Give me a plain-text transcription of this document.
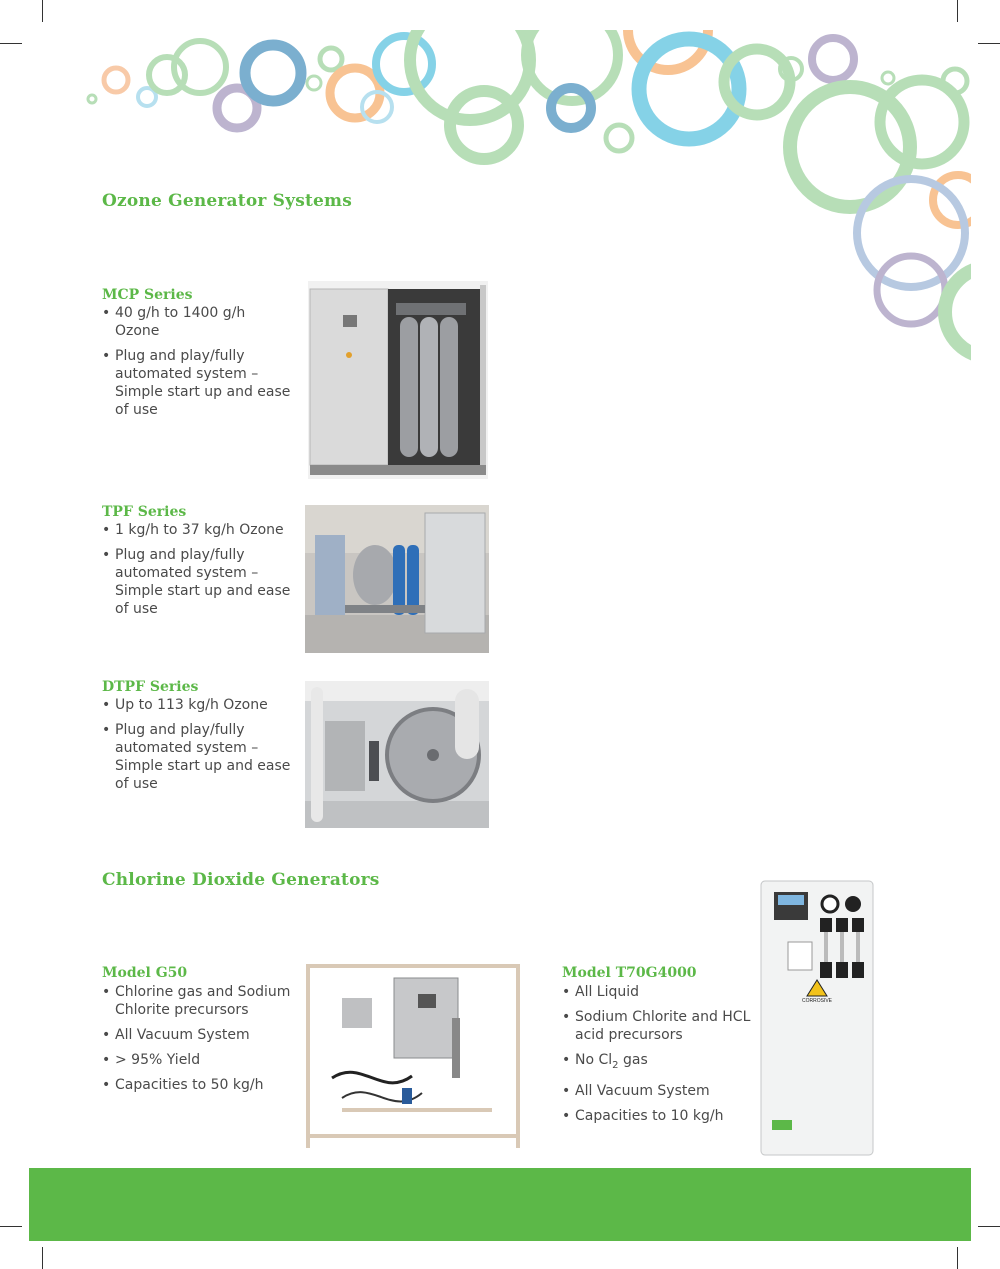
Ozone Generator Systems
MCP Series
• 40 g/h to 1400 g/h Ozone
• Plug and play/fully automated system – Simple start up and ease of use
TPF Series
• 1 kg/h to 37 kg/h Ozone
• Plug and play/fully automated system – Simple start up and ease of use
DTPF Series
• Up to 113 kg/h Ozone
• Plug and play/fully automated system – Simple start up and ease of use
Chlorine Dioxide Generators
Model G50
• Chlorine gas and Sodium Chlorite precursors
• All Vacuum System
• > 95% Yield
• Capacities to 50 kg/h
Model T70G4000
• All Liquid
• Sodium Chlorite and HCL acid precursors
• No $Cl_2$ gas
• All Vacuum System
• Capacities to 10 kg/h
CORROSIVE
